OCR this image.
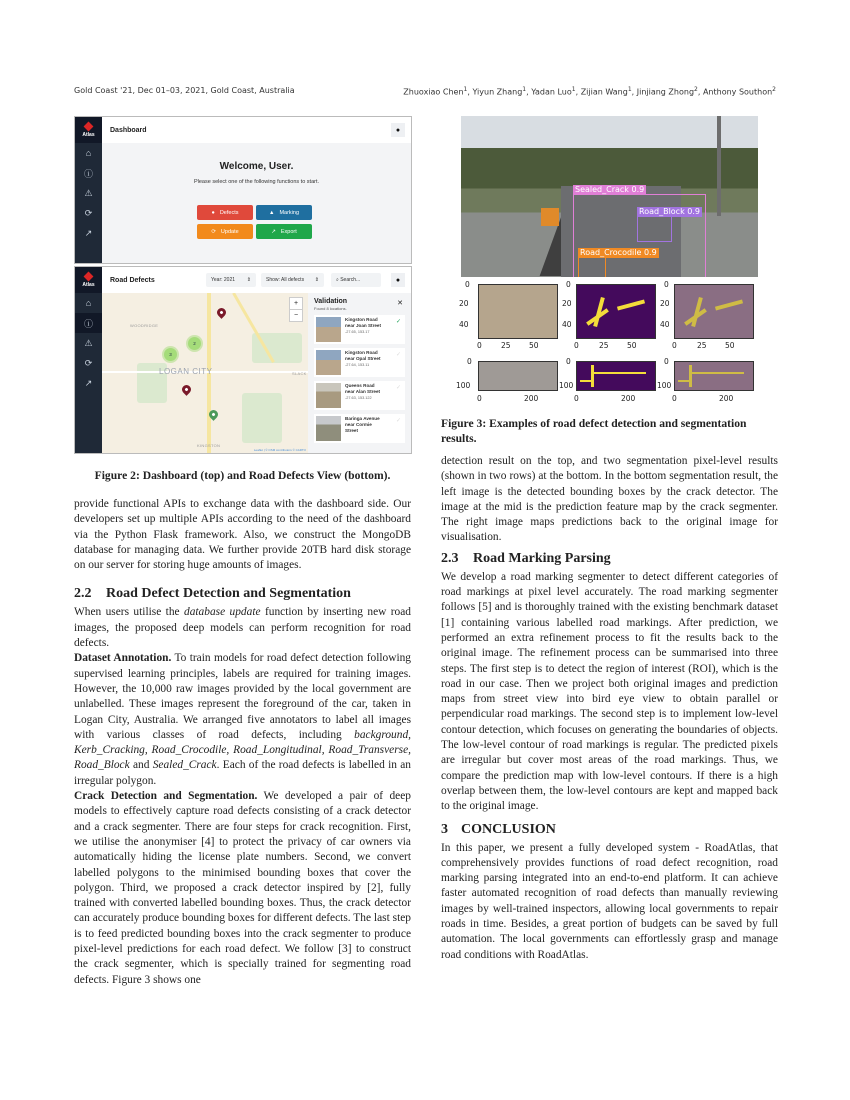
Gold Coast '21, Dec 01–03, 2021, Gold Coast, Australia	Zhuoxiao Chen$^1$, Yiyun Zhang$^1$, Yadan Luo$^1$, Zijian Wang$^1$, Jinjiang Zhong$^2$, Anthony Southon$^2$
Atlas
⌂
ⓘ
⚠
⟳
↗
Dashboard	●
Welcome, User.
Please select one of the following functions to start.
● Defects	▲ Marking
⟳ Update	↗ Export
Atlas
⌂
ⓘ
⚠
⟳
↗
Road Defects	Year: 2021 ⇕	Show: All defects ⇕	⌕
Search...	●
WOODRIDGE
KINGSTON
SLACK
LOGAN CITY
3
2
+
−
Leaflet | © OSM contributors © CARTO
Validation
Found 8 locations.
✕
Kingston Road
near Joan Street
-27.65, 153.17
✓
Kingston Road
near Opal Street
-27.64, 153.11
✓
Queens Road
near Alan Street
-27.63, 153.122
✓
Baringa Avenue
near Cormie
Street
✓
Figure 2: Dashboard (top) and Road Defects View (bottom).

provide functional APIs to exchange data with the dashboard side. Our developers set up multiple APIs according to the need of the dashboard via the Python Flask framework. Also, we construct the MongoDB database for managing data. We further provide 20TB hard disk storage on our server for storing huge amounts of images.

2.2 Road Defect Detection and Segmentation

When users utilise the database update function by inserting new road images, the proposed deep models can perform recognition for road defects.

Dataset Annotation. To train models for road defect detection following supervised learning principles, labels are required for training images. However, the 10,000 raw images provided by the local government are unlabelled. These images represent the foreground of the car, taken in Logan City, Australia. We arranged five annotators to label all images with various classes of road defects, including background, Kerb_Cracking, Road_Crocodile, Road_Longitudinal, Road_Transverse, Road_Block and Sealed_Crack. Each of the road defects is labelled in an irregular polygon.

Crack Detection and Segmentation. We developed a pair of deep models to effectively capture road defects consisting of a crack detector and a crack segmenter. There are four steps for crack recognition. First, we utilise the anonymiser [4] to protect the privacy of car owners via automatically hiding the license plate numbers. Second, we convert labelled polygons to the minimised bounding boxes that cover the polygon. Third, we proposed a crack detector inspired by [2], fully trained with converted labelled bounding boxes. Thus, the crack detector can accurately produce bounding boxes for different defects. The last step is to feed predicted bounding boxes into the crack segmenter to produce pixel-level predictions for each road defect. We follow [3] to construct the crack segmenter, which is specially trained for segmenting road defects. Figure 3 shows one

Sealed_Crack 0.9
Road_Block 0.9
Road_Crocodile 0.9
0
20
40
0	25 50
0
20
40
0	25 50
0
20
40
0	25 50
0
100
0	200
0
100
0	200
0
100
0	200
Figure 3: Examples of road defect detection and segmentation results.

detection result on the top, and two segmentation pixel-level results (shown in two rows) at the bottom. In the bottom segmentation result, the left image is the detected bounding boxes by the crack detector. The image at the mid is the prediction feature map by the crack segmenter. The right image maps predictions back to the original image for visualisation.

2.3 Road Marking Parsing

We develop a road marking segmenter to detect different categories of road markings at pixel level accurately. The road marking segmenter follows [5] and is thoroughly trained with the existing benchmark dataset [1] containing various labelled road markings. After prediction, we performed an extra refinement process to fit the results back to the original image. The refinement process can be summarised into three steps. The first step is to detect the region of interest (ROI), which is the road in our case. Then we project both original images and prediction maps from street view into bird eye view to obtain parallel or perpendicular road markings. The second step is to implement low-level contour detection, which focuses on generating the boundaries of objects. The low-level contour of road markings is regular. The predicted pixels are irregular but cover most areas of the road markings. Thus, we compare the prediction map with low-level contours. If there is a high overlap between them, the low-level contours are kept and mapped back to the original image.

3 CONCLUSION

In this paper, we present a fully developed system - RoadAtlas, that comprehensively provides functions of road defect recognition, road marking parsing integrated into an end-to-end platform. It can achieve faster automated recognition of road defects than manually reviewing images by well-trained inspectors, allowing local governments to repair roads in time. Besides, a great portion of budgets can be saved by full automation. The local governments can effortlessly grasp and manage road conditions with RoadAtlas.
